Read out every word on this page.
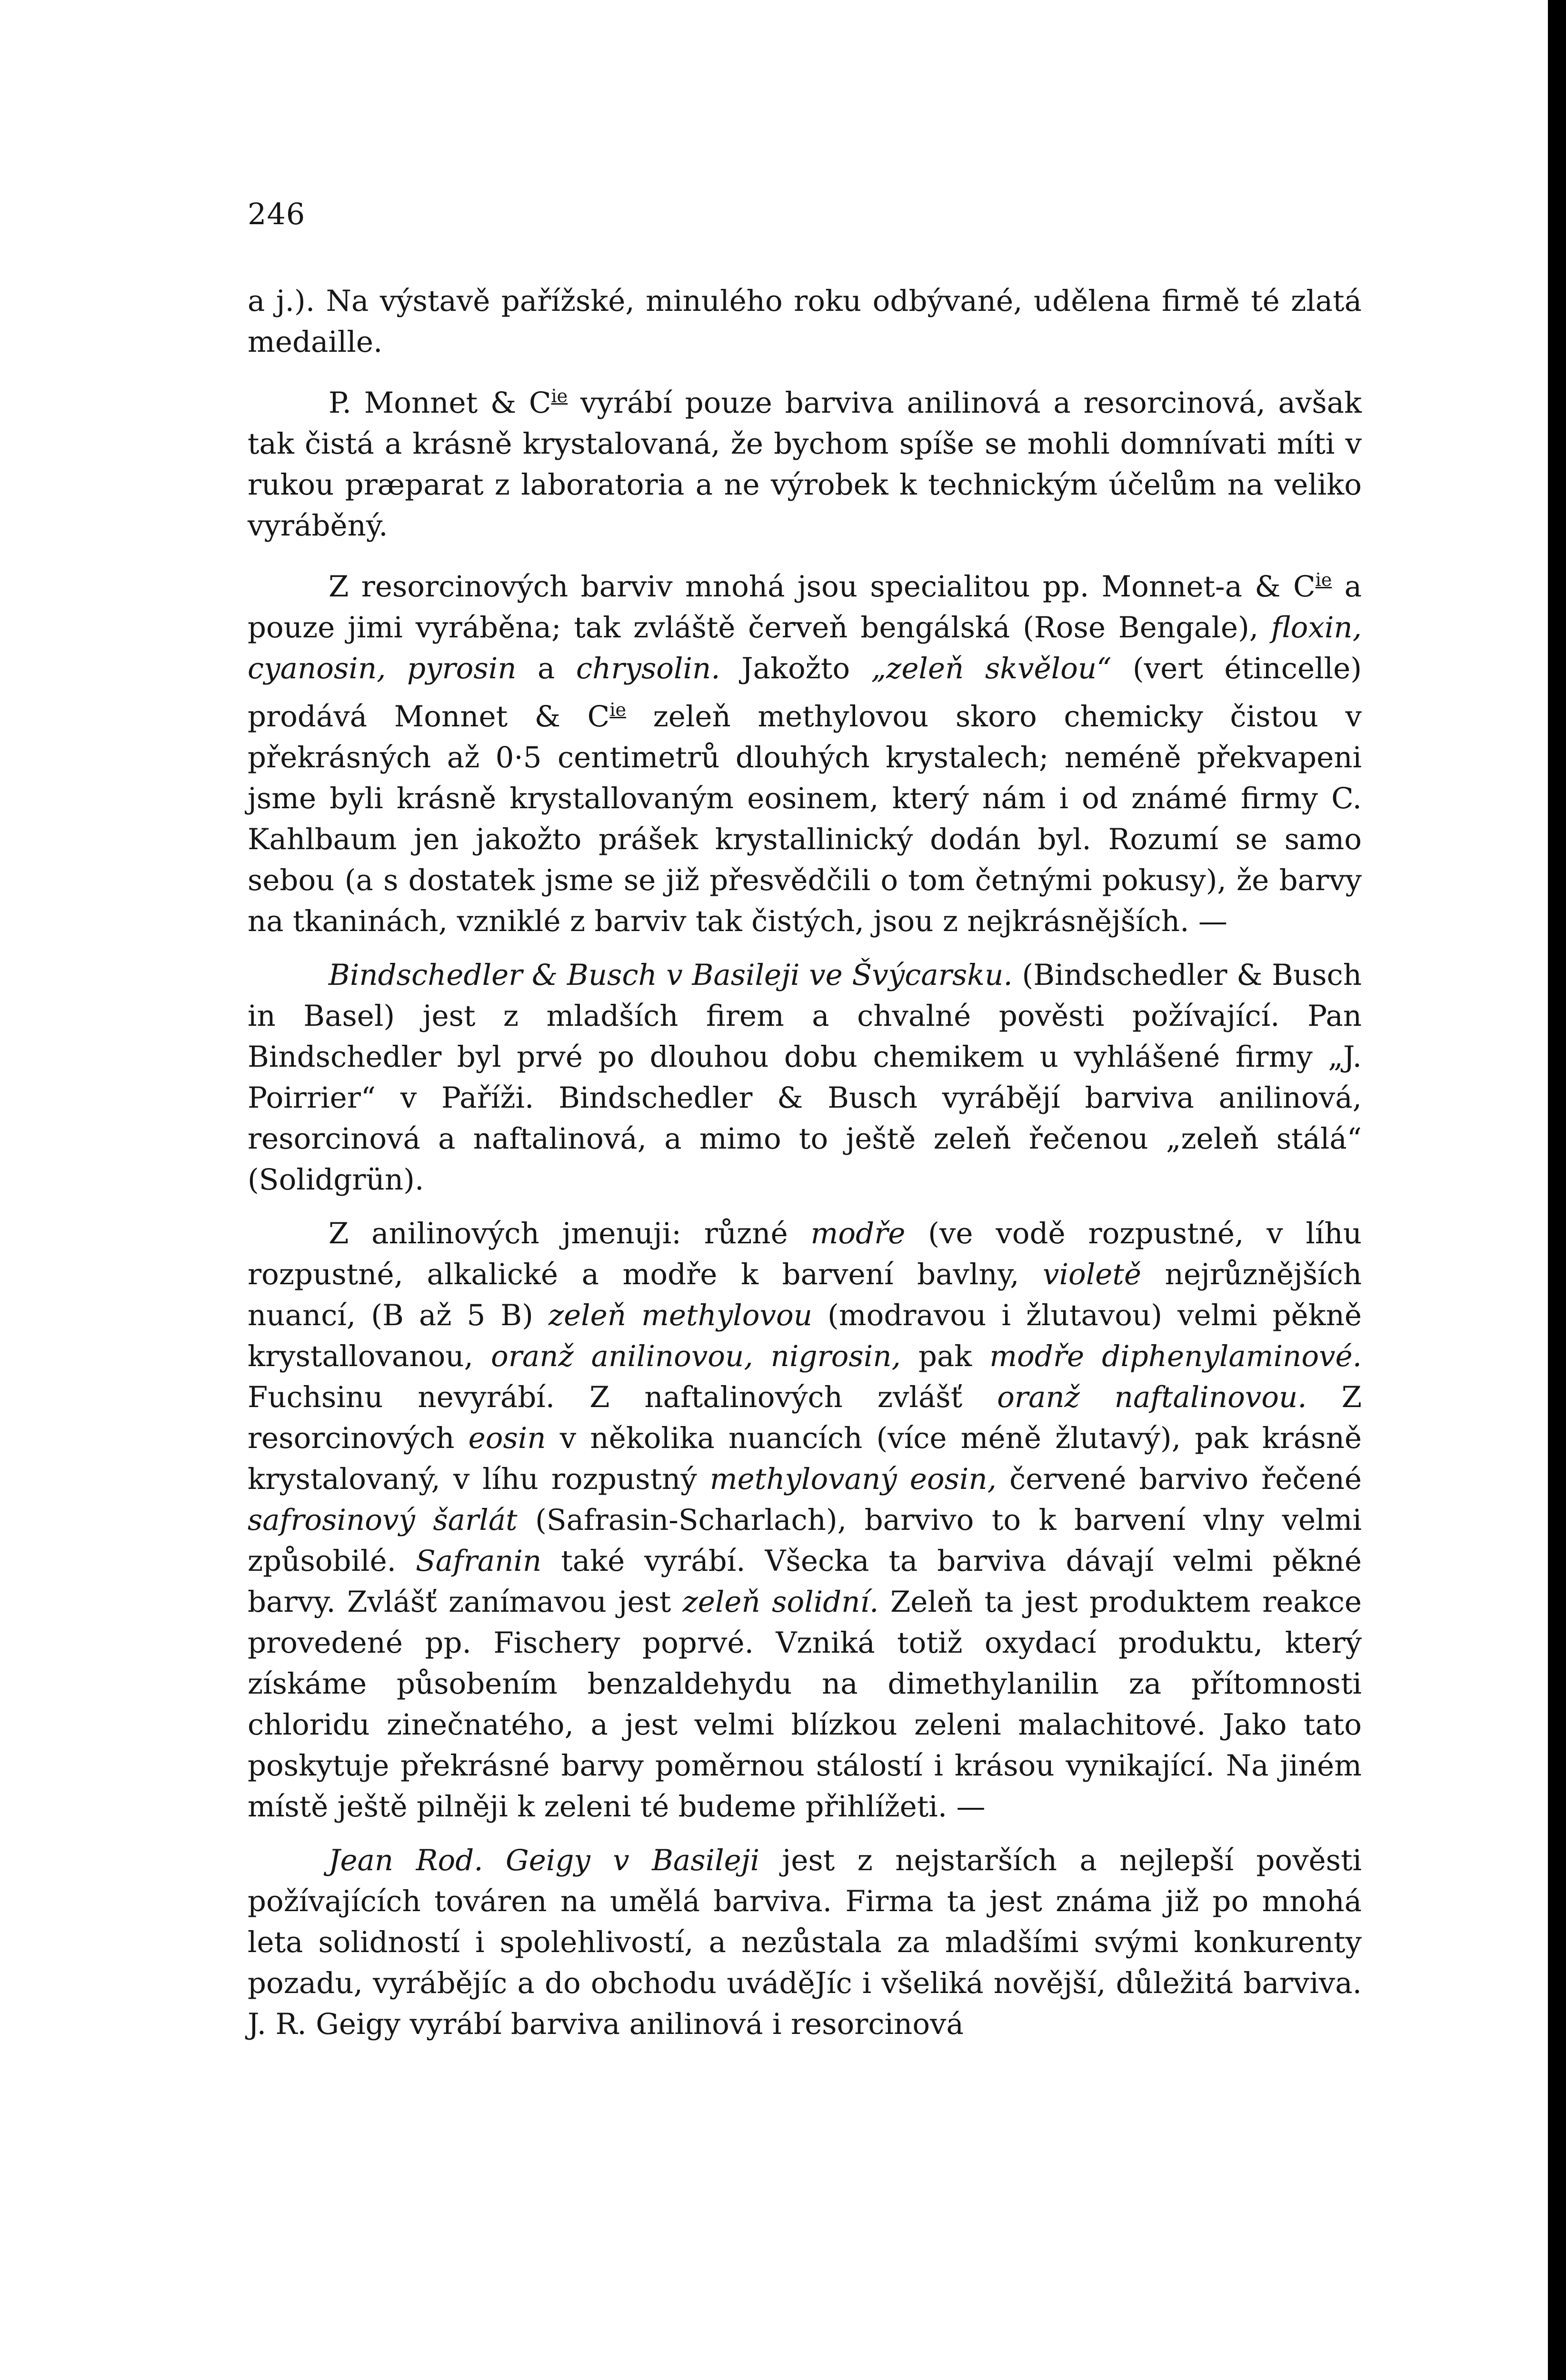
246

a j.). Na výstavě pařížské, minulého roku odbývané, udělena firmě té zlatá medaille.

P. Monnet & $C^{ie}$ vyrábí pouze barviva anilinová a resorcinová, avšak tak čistá a krásně krystalovaná, že bychom spíše se mohli domnívati míti v rukou præparat z laboratoria a ne výrobek k technickým účelům na veliko vyráběný.

Z resorcinových barviv mnohá jsou specialitou pp. Monnet-a & $C^{ie}$ a pouze jimi vyráběna; tak zvláště červeň bengálská (Rose Bengale), floxin, cyanosin, pyrosin a chrysolin. Jakožto „zeleň skvělou“ (vert étincelle) prodává Monnet & $C^{ie}$ zeleň methylovou skoro chemicky čistou v překrásných až 0·5 centimetrů dlouhých krystalech; neméně překvapeni jsme byli krásně krystallovaným eosinem, který nám i od známé firmy C. Kahlbaum jen jakožto prášek krystallinický dodán byl. Rozumí se samo sebou (a s dostatek jsme se již přesvědčili o tom četnými pokusy), že barvy na tkaninách, vzniklé z barviv tak čistých, jsou z nejkrásnějších. —

Bindschedler & Busch v Basileji ve Švýcarsku. (Bindschedler & Busch in Basel) jest z mladších firem a chvalné pověsti požívající. Pan Bindschedler byl prvé po dlouhou dobu chemikem u vyhlášené firmy „J. Poirrier“ v Paříži. Bindschedler & Busch vyrábějí barviva anilinová, resorcinová a naftalinová, a mimo to ještě zeleň řečenou „zeleň stálá“ (Solidgrün).

Z anilinových jmenuji: různé modře (ve vodě rozpustné, v líhu rozpustné, alkalické a modře k barvení bavlny, violetě nejrůznějších nuancí, (B až 5 B) zeleň methylovou (modravou i žlutavou) velmi pěkně krystallovanou, oranž anilinovou, nigrosin, pak modře diphenylaminové. Fuchsinu nevyrábí. Z naftalinových zvlášť oranž naftalinovou. Z resorcinových eosin v několika nuancích (více méně žlutavý), pak krásně krystalovaný, v líhu rozpustný methylovaný eosin, červené barvivo řečené safrosinový šarlát (Safrasin-Scharlach), barvivo to k barvení vlny velmi způsobilé. Safranin také vyrábí. Všecka ta barviva dávají velmi pěkné barvy. Zvlášť zanímavou jest zeleň solidní. Zeleň ta jest produktem reakce provedené pp. Fischery poprvé. Vzniká totiž oxydací produktu, který získáme působením benzaldehydu na dimethylanilin za přítomnosti chloridu zinečnatého, a jest velmi blízkou zeleni malachitové. Jako tato poskytuje překrásné barvy poměrnou stálostí i krásou vynikající. Na jiném místě ještě pilněji k zeleni té budeme přihlížeti. —

Jean Rod. Geigy v Basileji jest z nejstarších a nejlepší pověsti požívajících továren na umělá barviva. Firma ta jest známa již po mnohá leta solidností i spolehlivostí, a nezůstala za mladšími svými konkurenty pozadu, vyrábějíc a do obchodu uváděJíc i všeliká novější, důležitá barviva. J. R. Geigy vyrábí barviva anilinová i resorcinová
